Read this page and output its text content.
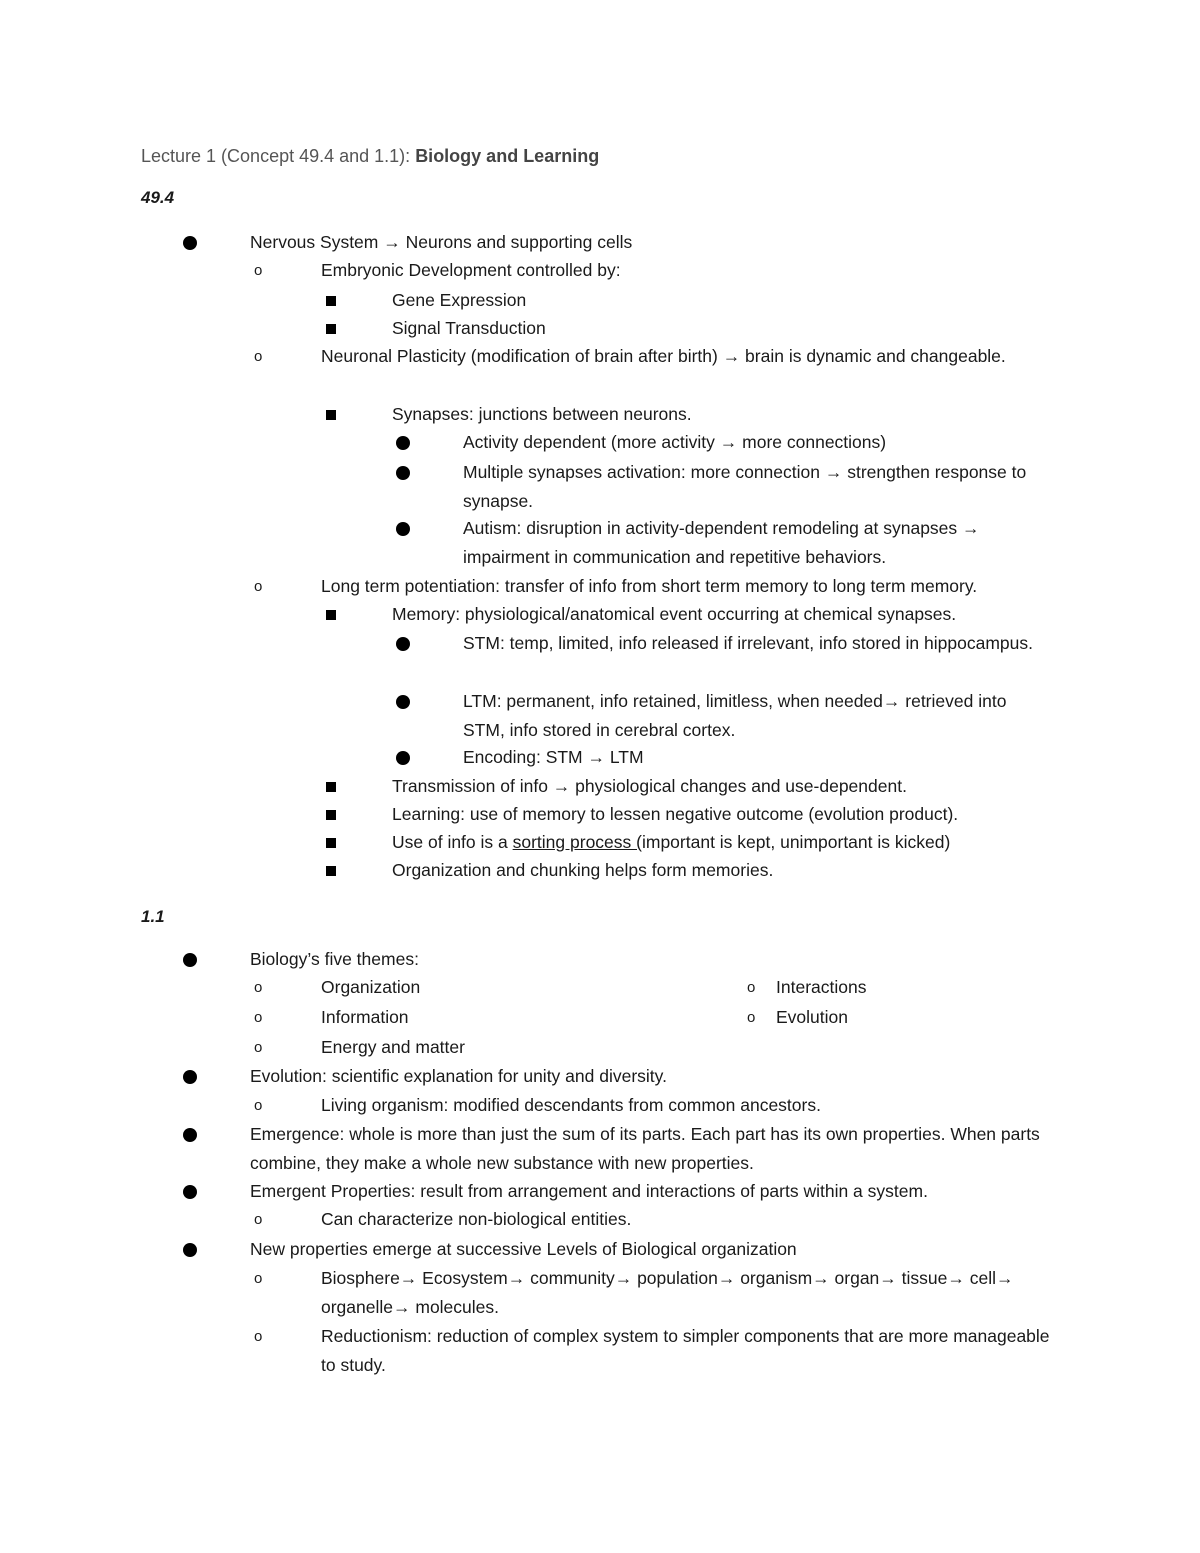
Lecture 1 (Concept 49.4 and 1.1): Biology and Learning
49.4
Nervous System → Neurons and supporting cells
o
Embryonic Development controlled by:
Gene Expression
Signal Transduction
o
Neuronal Plasticity (modification of brain after birth) → brain is dynamic and changeable.
Synapses: junctions between neurons.
Activity dependent (more activity → more connections)
Multiple synapses activation: more connection → strengthen response to synapse.
Autism: disruption in activity-dependent remodeling at synapses → impairment in communication and repetitive behaviors.
o
Long term potentiation: transfer of info from short term memory to long term memory.
Memory: physiological/anatomical event occurring at chemical synapses.
STM: temp, limited, info released if irrelevant, info stored in hippocampus.
LTM: permanent, info retained, limitless, when needed→ retrieved into STM, info stored in cerebral cortex.
Encoding: STM → LTM
Transmission of info → physiological changes and use-dependent.
Learning: use of memory to lessen negative outcome (evolution product).
Use of info is a sorting process (important is kept, unimportant is kicked)
Organization and chunking helps form memories.
1.1
Biology’s five themes:
o
Organization o	Interactions
o
Information o	Evolution
o
Energy and matter
Evolution: scientific explanation for unity and diversity.
o
Living organism: modified descendants from common ancestors.
Emergence: whole is more than just the sum of its parts. Each part has its own properties. When parts combine, they make a whole new substance with new properties.
Emergent Properties: result from arrangement and interactions of parts within a system.
o
Can characterize non-biological entities.
New properties emerge at successive Levels of Biological organization
o
Biosphere→ Ecosystem→ community→ population→ organism→ organ→ tissue→ cell→ organelle→ molecules.
o
Reductionism: reduction of complex system to simpler components that are more manageable to study.
